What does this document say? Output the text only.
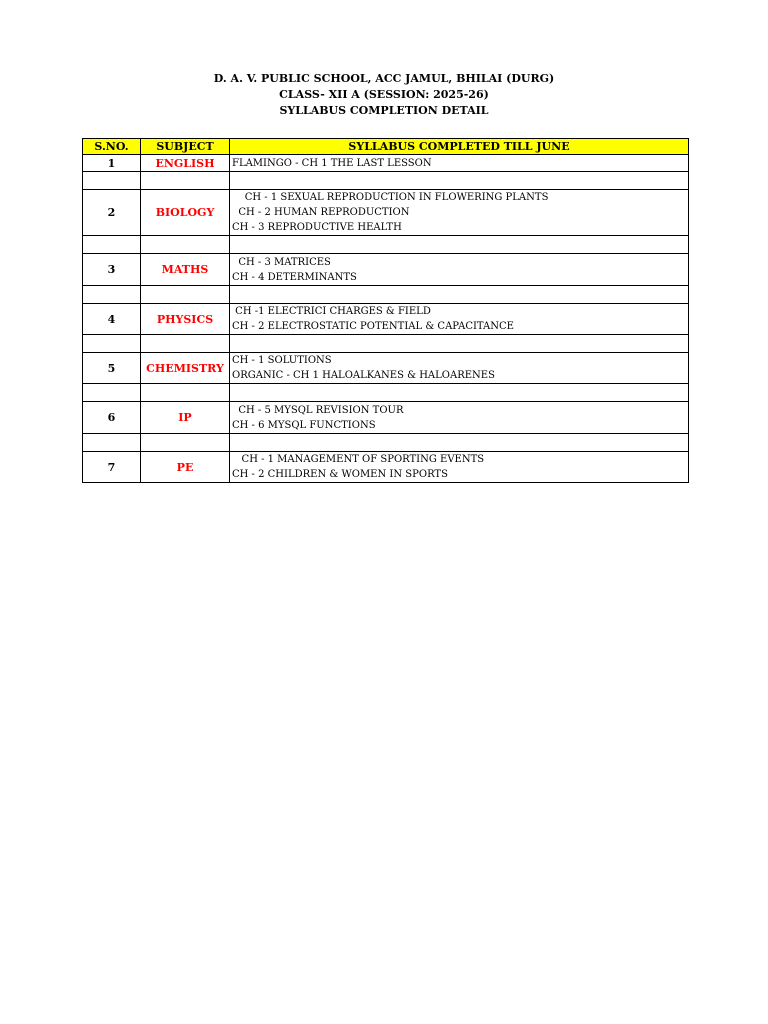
D. A. V. PUBLIC SCHOOL, ACC JAMUL, BHILAI (DURG)
CLASS- XII A (SESSION: 2025-26)
SYLLABUS COMPLETION DETAIL
S.NO.	SUBJECT	SYLLABUS COMPLETED TILL JUNE
1	ENGLISH	FLAMINGO - CH 1 THE LAST LESSON

2	BIOLOGY	CH - 1 SEXUAL REPRODUCTION IN FLOWERING PLANTS
CH - 2 HUMAN REPRODUCTION
CH - 3 REPRODUCTIVE HEALTH

3	MATHS	CH - 3 MATRICES
CH - 4 DETERMINANTS

4	PHYSICS	CH -1 ELECTRICI CHARGES & FIELD
CH - 2 ELECTROSTATIC POTENTIAL & CAPACITANCE

5	CHEMISTRY	CH - 1 SOLUTIONS
ORGANIC - CH 1 HALOALKANES & HALOARENES

6	IP	CH - 5 MYSQL REVISION TOUR
CH - 6 MYSQL FUNCTIONS

7	PE	CH - 1 MANAGEMENT OF SPORTING EVENTS
CH - 2 CHILDREN & WOMEN IN SPORTS
